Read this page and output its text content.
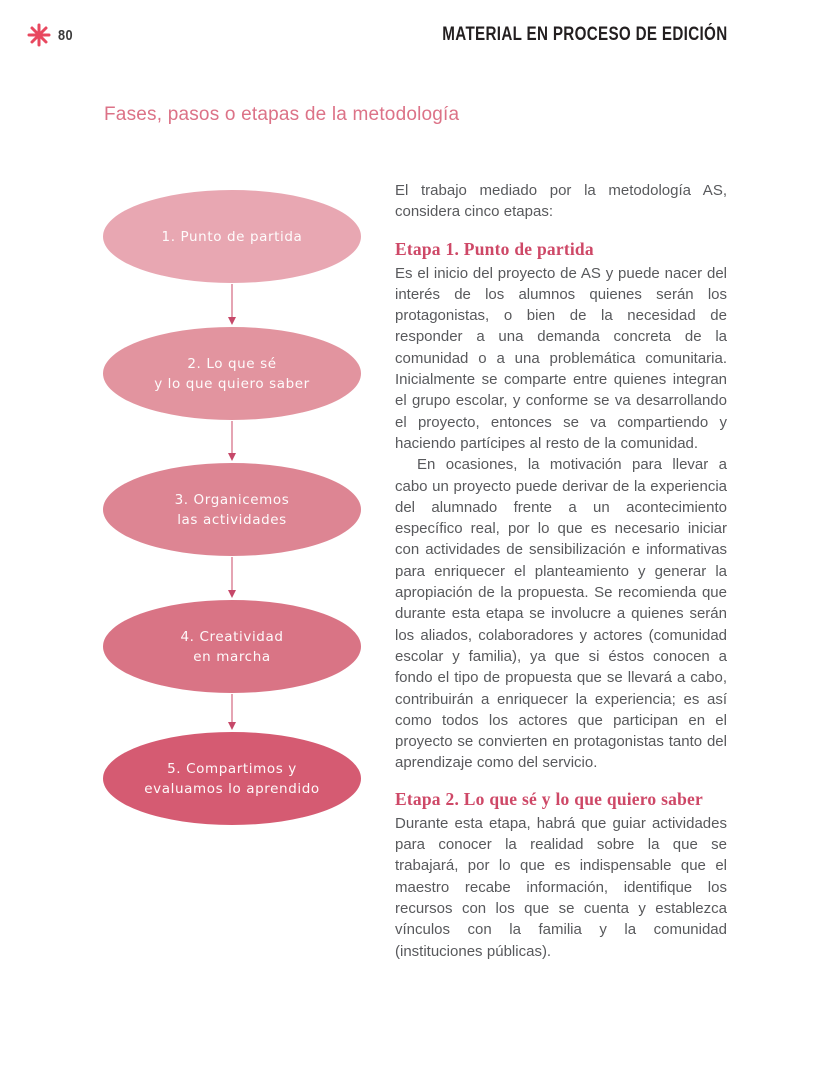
80	MATERIAL EN PROCESO DE EDICIÓN
Fases, pasos o etapas de la metodología
1. Punto de partida
2. Lo que sé
y lo que quiero saber
3. Organicemos
las actividades
4. Creatividad
en marcha
5. Compartimos y
evaluamos lo aprendido

El trabajo mediado por la metodología AS, considera cinco etapas:

Etapa 1. Punto de partida

Es el inicio del proyecto de AS y puede nacer del interés de los alumnos quienes serán los protagonistas, o bien de la necesidad de responder a una demanda concreta de la comunidad o a una problemática comunitaria. Inicialmente se comparte entre quienes integran el grupo escolar, y conforme se va desarrollando el proyecto, entonces se va compartiendo y haciendo partícipes al resto de la comunidad.

En ocasiones, la motivación para llevar a cabo un proyecto puede derivar de la experiencia del alumnado frente a un acontecimiento específico real, por lo que es necesario iniciar con actividades de sensibilización e informativas para enriquecer el planteamiento y generar la apropiación de la propuesta. Se recomienda que durante esta etapa se involucre a quienes serán los aliados, colaboradores y actores (comunidad escolar y familia), ya que si éstos conocen a fondo el tipo de propuesta que se llevará a cabo, contribuirán a enriquecer la experiencia; es así como todos los actores que participan en el proyecto se convierten en protagonistas tanto del aprendizaje como del servicio.

Etapa 2. Lo que sé y lo que quiero saber

Durante esta etapa, habrá que guiar actividades para conocer la realidad sobre la que se trabajará, por lo que es indispensable que el maestro recabe información, identifique los recursos con los que se cuenta y establezca vínculos con la familia y la comunidad (instituciones públicas).
